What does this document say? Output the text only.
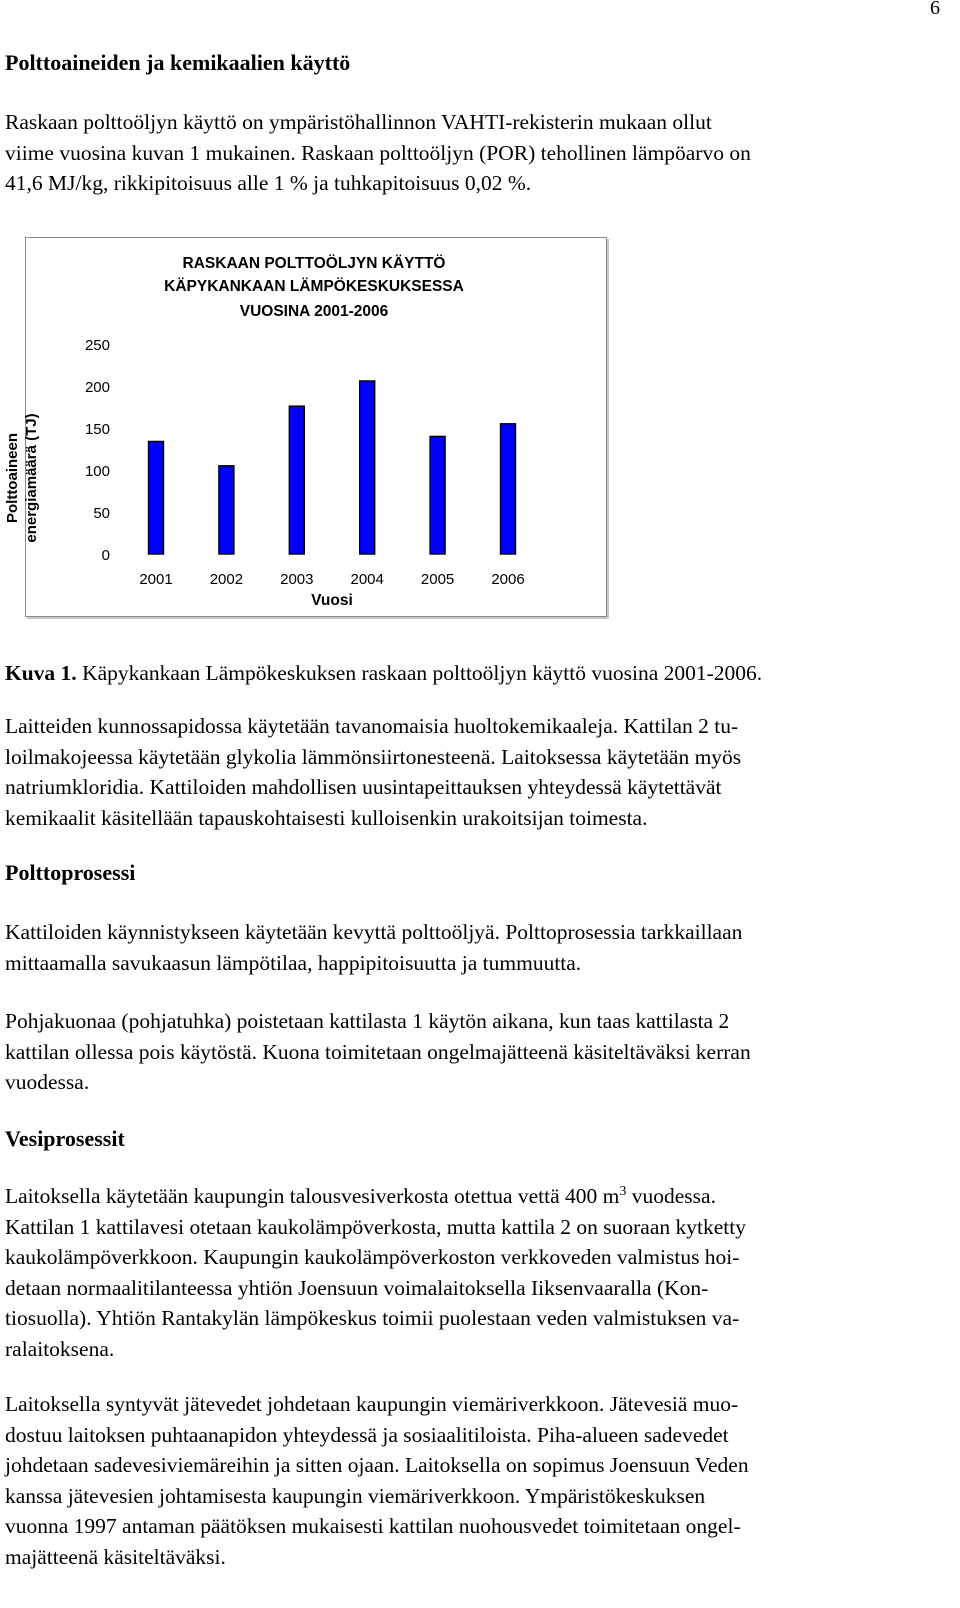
6
Polttoaineiden ja kemikaalien käyttö
Raskaan polttoöljyn käyttö on ympäristöhallinnon VAHTI-rekisterin mukaan ollut
viime vuosina kuvan 1 mukainen. Raskaan polttoöljyn (POR) tehollinen lämpöarvo on
41,6 MJ/kg, rikkipitoisuus alle 1 % ja tuhkapitoisuus 0,02 %.
RASKAAN POLTTOÖLJYN KÄYTTÖ
KÄPYKANKAAN LÄMPÖKESKUKSESSA
VUOSINA 2001-2006
0
50
100
150
200
250
2001 2002 2003 2004 2005 2006
Vuosi
Polttoaineen energiamäärä (TJ)
Kuva 1. Käpykankaan Lämpökeskuksen raskaan polttoöljyn käyttö vuosina 2001-2006.
Laitteiden kunnossapidossa käytetään tavanomaisia huoltokemikaaleja. Kattilan 2 tu-
loilmakojeessa käytetään glykolia lämmönsiirtonesteenä. Laitoksessa käytetään myös
natriumkloridia. Kattiloiden mahdollisen uusintapeittauksen yhteydessä käytettävät
kemikaalit käsitellään tapauskohtaisesti kulloisenkin urakoitsijan toimesta.
Polttoprosessi
Kattiloiden käynnistykseen käytetään kevyttä polttoöljyä. Polttoprosessia tarkkaillaan
mittaamalla savukaasun lämpötilaa, happipitoisuutta ja tummuutta.
Pohjakuonaa (pohjatuhka) poistetaan kattilasta 1 käytön aikana, kun taas kattilasta 2
kattilan ollessa pois käytöstä. Kuona toimitetaan ongelmajätteenä käsiteltäväksi kerran
vuodessa.
Vesiprosessit
Laitoksella käytetään kaupungin talousvesiverkosta otettua vettä 400 $m^3$ vuodessa.
Kattilan 1 kattilavesi otetaan kaukolämpöverkosta, mutta kattila 2 on suoraan kytketty
kaukolämpöverkkoon. Kaupungin kaukolämpöverkoston verkkoveden valmistus hoi-
detaan normaalitilanteessa yhtiön Joensuun voimalaitoksella Iiksenvaaralla (Kon-
tiosuolla). Yhtiön Rantakylän lämpökeskus toimii puolestaan veden valmistuksen va-
ralaitoksena.
Laitoksella syntyvät jätevedet johdetaan kaupungin viemäriverkkoon. Jätevesiä muo-
dostuu laitoksen puhtaanapidon yhteydessä ja sosiaalitiloista. Piha-alueen sadevedet
johdetaan sadevesiviemäreihin ja sitten ojaan. Laitoksella on sopimus Joensuun Veden
kanssa jätevesien johtamisesta kaupungin viemäriverkkoon. Ympäristökeskuksen
vuonna 1997 antaman päätöksen mukaisesti kattilan nuohousvedet toimitetaan ongel-
majätteenä käsiteltäväksi.
